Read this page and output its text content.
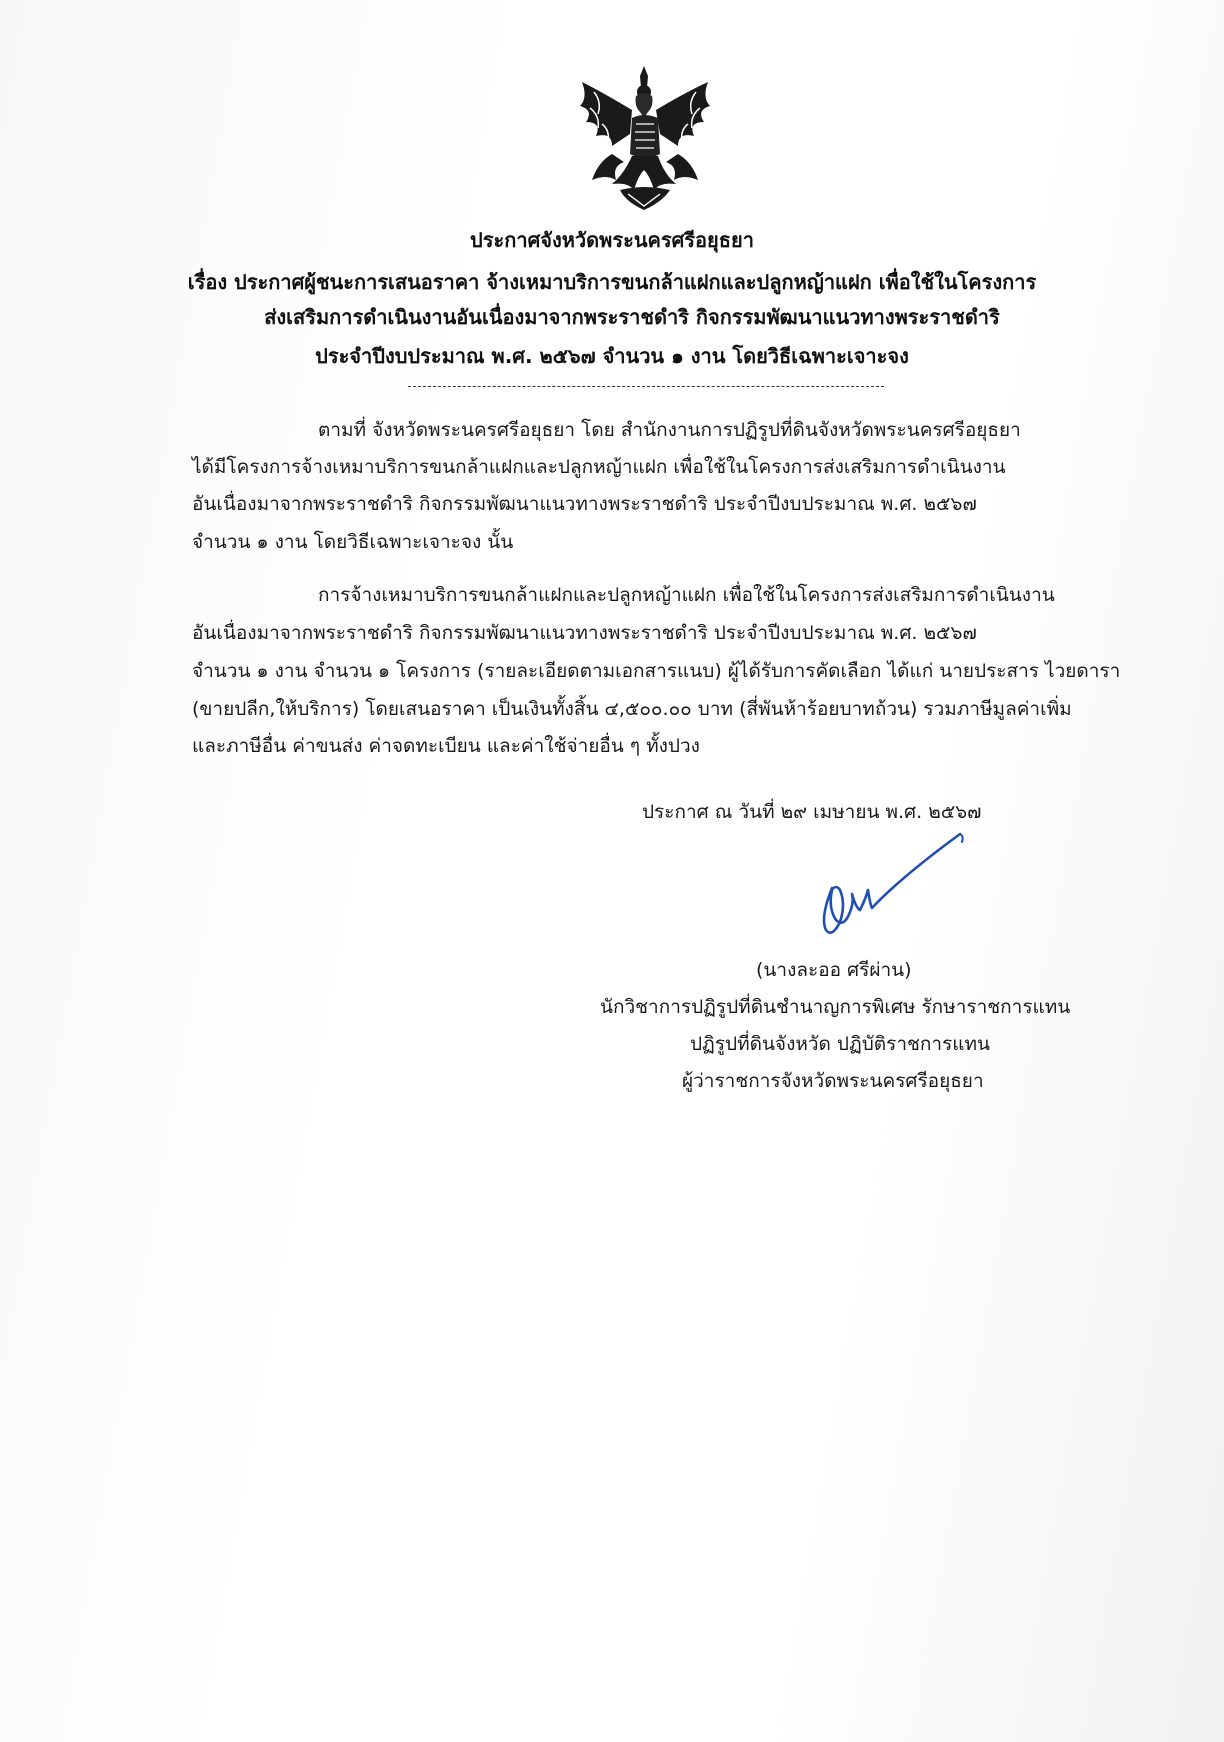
ประกาศจังหวัดพระนครศรีอยุธยา
เรื่อง ประกาศผู้ชนะการเสนอราคา จ้างเหมาบริการขนกล้าแฝกและปลูกหญ้าแฝก เพื่อใช้ในโครงการ
ส่งเสริมการดำเนินงานอันเนื่องมาจากพระราชดำริ กิจกรรมพัฒนาแนวทางพระราชดำริ
ประจำปีงบประมาณ พ.ศ. ๒๕๖๗ จำนวน ๑ งาน โดยวิธีเฉพาะเจาะจง
ตามที่ จังหวัดพระนครศรีอยุธยา โดย สำนักงานการปฏิรูปที่ดินจังหวัดพระนครศรีอยุธยา
ได้มีโครงการจ้างเหมาบริการขนกล้าแฝกและปลูกหญ้าแฝก เพื่อใช้ในโครงการส่งเสริมการดำเนินงาน
อันเนื่องมาจากพระราชดำริ กิจกรรมพัฒนาแนวทางพระราชดำริ ประจำปีงบประมาณ พ.ศ. ๒๕๖๗
จำนวน ๑ งาน โดยวิธีเฉพาะเจาะจง นั้น
การจ้างเหมาบริการขนกล้าแฝกและปลูกหญ้าแฝก เพื่อใช้ในโครงการส่งเสริมการดำเนินงาน
อันเนื่องมาจากพระราชดำริ กิจกรรมพัฒนาแนวทางพระราชดำริ ประจำปีงบประมาณ พ.ศ. ๒๕๖๗
จำนวน ๑ งาน จำนวน ๑ โครงการ (รายละเอียดตามเอกสารแนบ) ผู้ได้รับการคัดเลือก ได้แก่ นายประสาร ไวยดารา
(ขายปลีก,ให้บริการ) โดยเสนอราคา เป็นเงินทั้งสิ้น ๔,๕๐๐.๐๐ บาท (สี่พันห้าร้อยบาทถ้วน) รวมภาษีมูลค่าเพิ่ม
และภาษีอื่น ค่าขนส่ง ค่าจดทะเบียน และค่าใช้จ่ายอื่น ๆ ทั้งปวง
ประกาศ ณ วันที่ ๒๙ เมษายน พ.ศ. ๒๕๖๗
(นางละออ ศรีผ่าน)
นักวิชาการปฏิรูปที่ดินชำนาญการพิเศษ รักษาราชการแทน
ปฏิรูปที่ดินจังหวัด ปฏิบัติราชการแทน
ผู้ว่าราชการจังหวัดพระนครศรีอยุธยา
